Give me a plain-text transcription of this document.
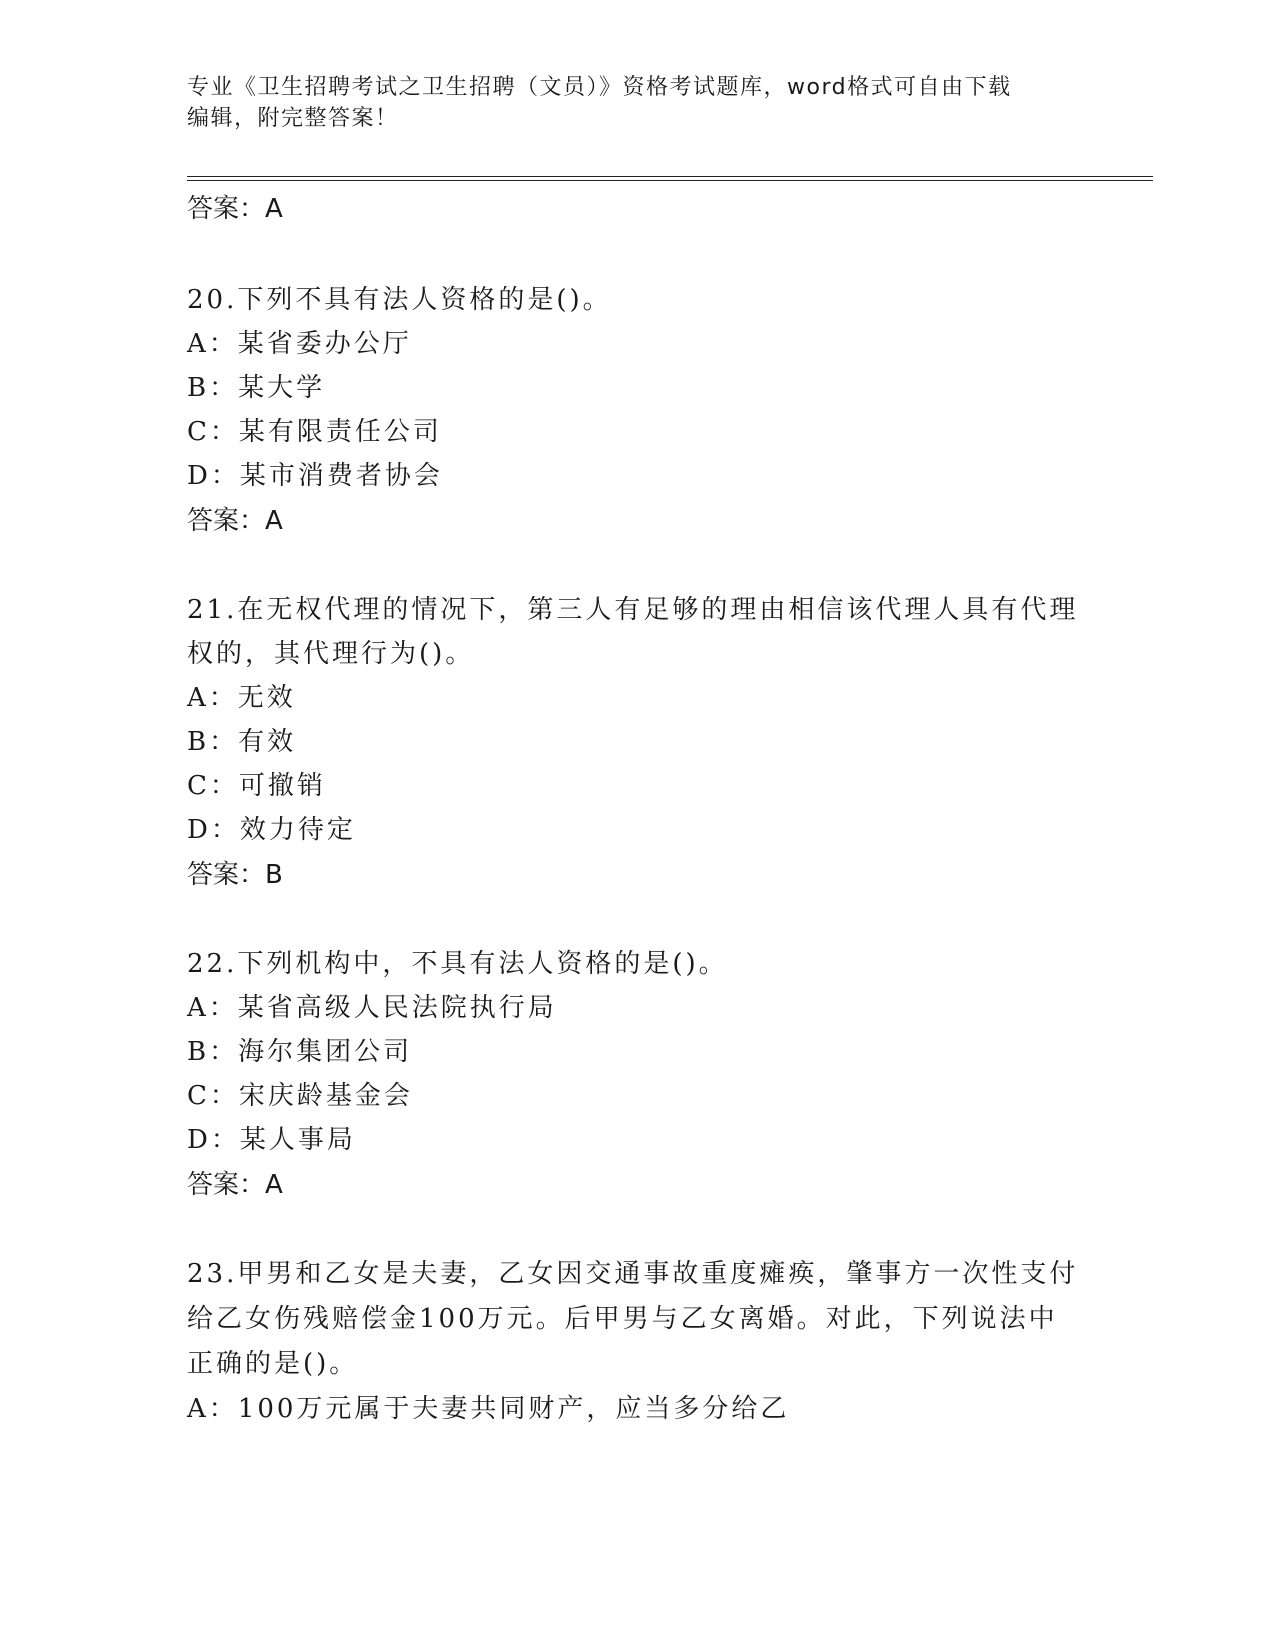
专业《卫生招聘考试之卫生招聘（文员）》资格考试题库，word格式可自由下载
编辑，附完整答案！
答案：A
20.下列不具有法人资格的是()。
A：某省委办公厅
B：某大学
C：某有限责任公司
D：某市消费者协会
答案：A
21.在无权代理的情况下，第三人有足够的理由相信该代理人具有代理
权的，其代理行为()。
A：无效
B：有效
C：可撤销
D：效力待定
答案：B
22.下列机构中，不具有法人资格的是()。
A：某省高级人民法院执行局
B：海尔集团公司
C：宋庆龄基金会
D：某人事局
答案：A
23.甲男和乙女是夫妻，乙女因交通事故重度瘫痪，肇事方一次性支付
给乙女伤残赔偿金100万元。后甲男与乙女离婚。对此，下列说法中
正确的是()。
A：100万元属于夫妻共同财产，应当多分给乙
